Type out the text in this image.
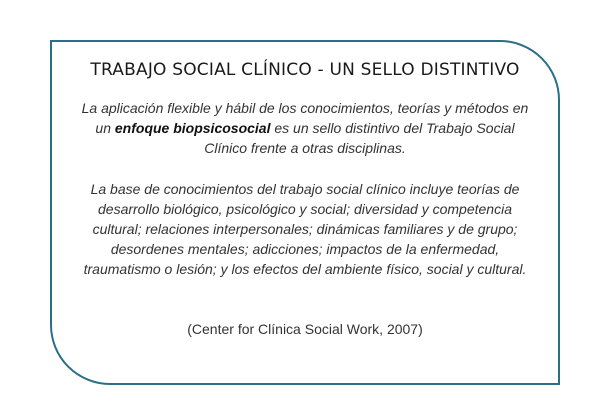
TRABAJO SOCIAL CLÍNICO - UN SELLO DISTINTIVO
La aplicación flexible y hábil de los conocimientos, teorías y métodos en un enfoque biopsicosocial es un sello distintivo del Trabajo Social Clínico frente a otras disciplinas.
La base de conocimientos del trabajo social clínico incluye teorías de desarrollo biológico, psicológico y social; diversidad y competencia cultural; relaciones interpersonales; dinámicas familiares y de grupo; desordenes mentales; adicciones; impactos de la enfermedad, traumatismo o lesión; y los efectos del ambiente físico, social y cultural.
(Center for Clínica Social Work, 2007)
